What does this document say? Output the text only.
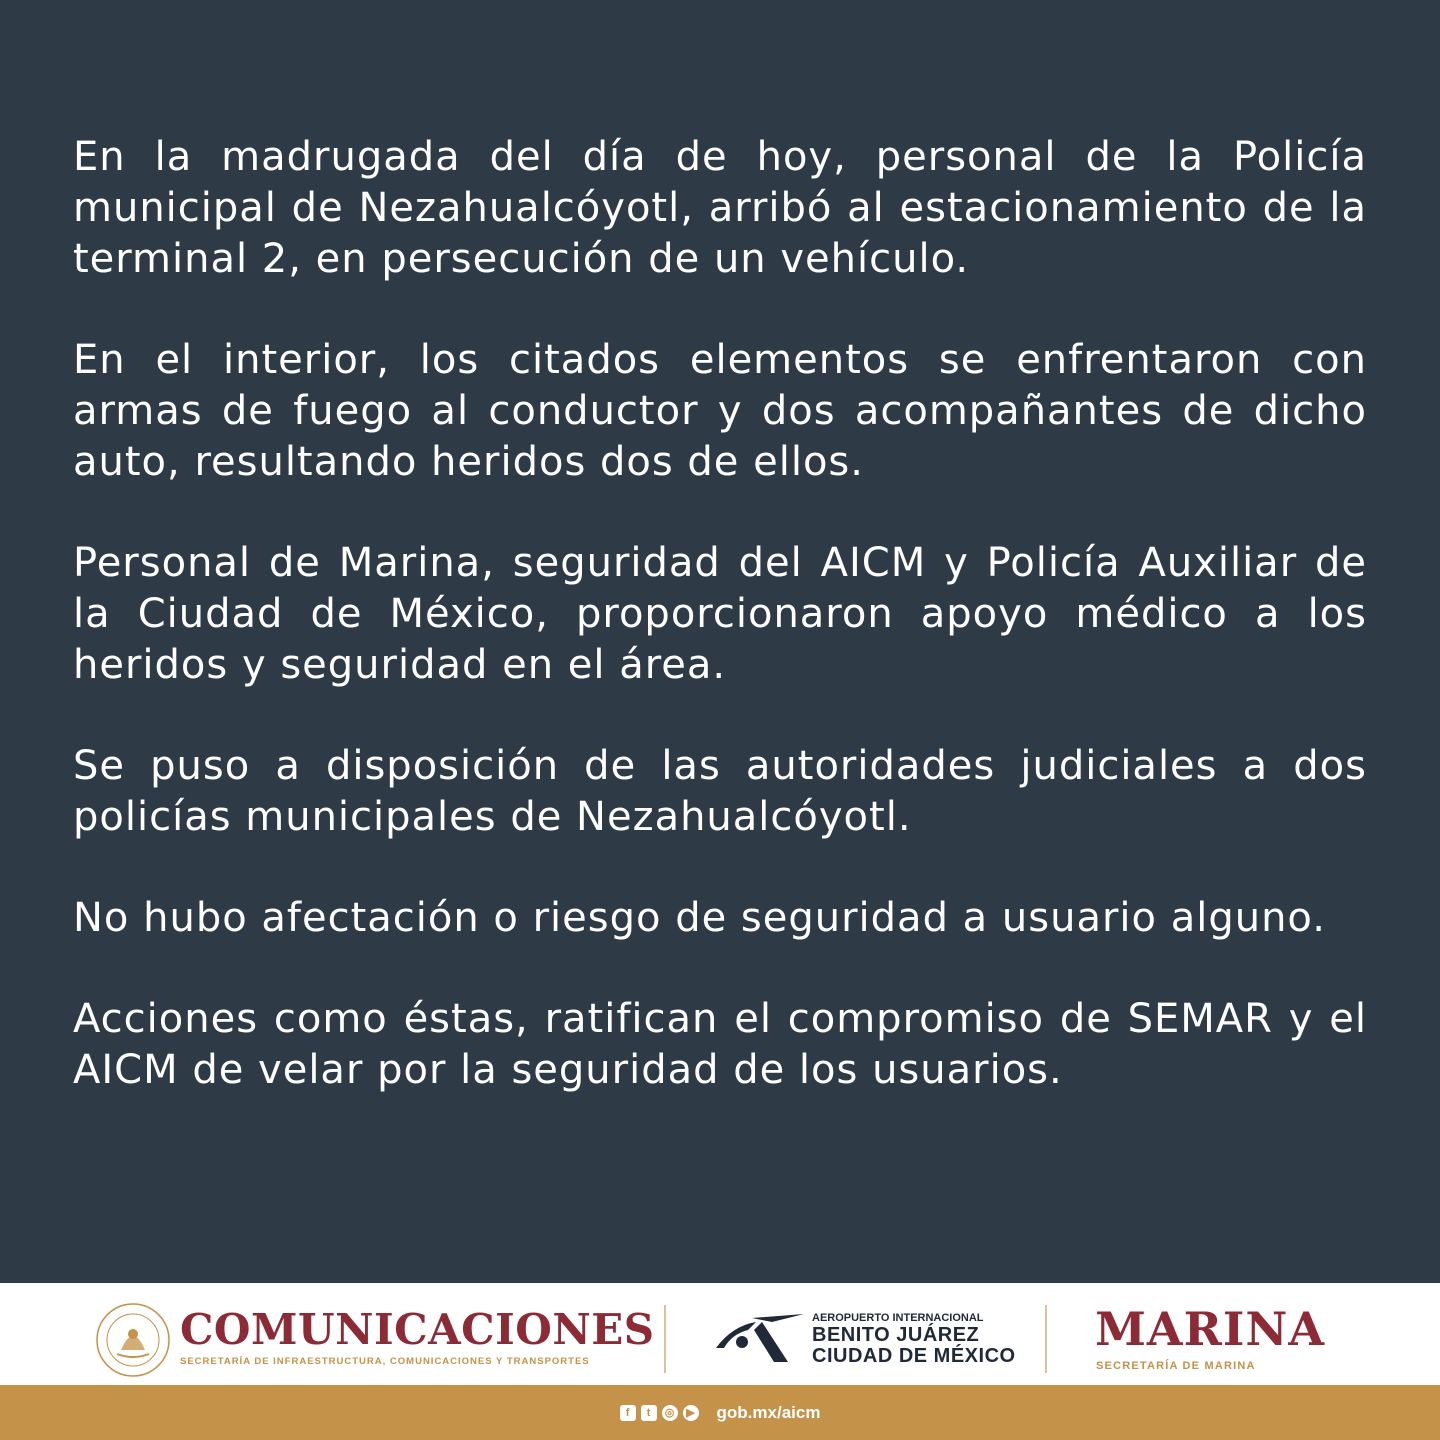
En la madrugada del día de hoy, personal de la Policía municipal de Nezahualcóyotl, arribó al estacionamiento de la terminal 2, en persecución de un vehículo.

En el interior, los citados elementos se enfrentaron con armas de fuego al conductor y dos acompañantes de dicho auto, resultando heridos dos de ellos.

Personal de Marina, seguridad del AICM y Policía Auxiliar de la Ciudad de México, proporcionaron apoyo médico a los heridos y seguridad en el área.

Se puso a disposición de las autoridades judiciales a dos policías municipales de Nezahualcóyotl.

No hubo afectación o riesgo de seguridad a usuario alguno.

Acciones como éstas, ratifican el compromiso de SEMAR y el AICM de velar por la seguridad de los usuarios.

COMUNICACIONES
SECRETARÍA DE INFRAESTRUCTURA, COMUNICACIONES Y TRANSPORTES
AEROPUERTO INTERNACIONAL
BENITO JUÁREZ
CIUDAD DE MÉXICO MARINA
SECRETARÍA DE MARINA
f	t	◎	▶ gob.mx/aicm
